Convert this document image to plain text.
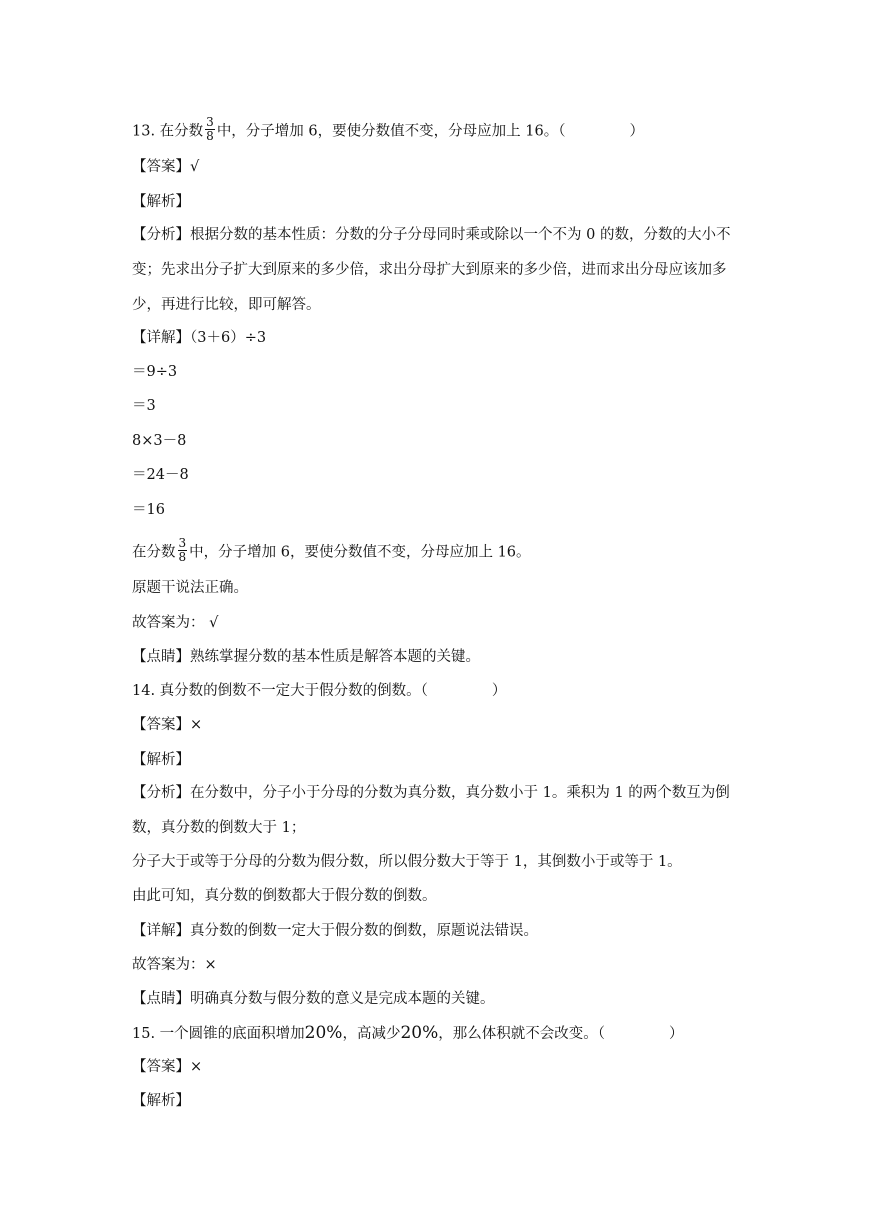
13. 在分数 $\frac{3}{8}$ 中，分子增加 6，要使分数值不变，分母应加上 16。（	）
【答案】√
【解析】
【分析】根据分数的基本性质：分数的分子分母同时乘或除以一个不为 0 的数，分数的大小不变；先求出分子扩大到原来的多少倍，求出分母扩大到原来的多少倍，进而求出分母应该加多少，再进行比较，即可解答。
【详解】（3＋6）÷3
＝9÷3
＝3
8×3－8
＝24－8
＝16
在分数 $\frac{3}{8}$ 中，分子增加 6，要使分数值不变，分母应加上 16。
原题干说法正确。
故答案为： √
【点睛】熟练掌握分数的基本性质是解答本题的关键。
14. 真分数的倒数不一定大于假分数的倒数。（	）
【答案】×
【解析】
【分析】在分数中，分子小于分母的分数为真分数，真分数小于 1。乘积为 1 的两个数互为倒数，真分数的倒数大于 1；
分子大于或等于分母的分数为假分数，所以假分数大于等于 1，其倒数小于或等于 1。
由此可知，真分数的倒数都大于假分数的倒数。
【详解】真分数的倒数一定大于假分数的倒数，原题说法错误。
故答案为：×
【点睛】明确真分数与假分数的意义是完成本题的关键。
15. 一个圆锥的底面积增加20%，高减少20%，那么体积就不会改变。（	）
【答案】×
【解析】
